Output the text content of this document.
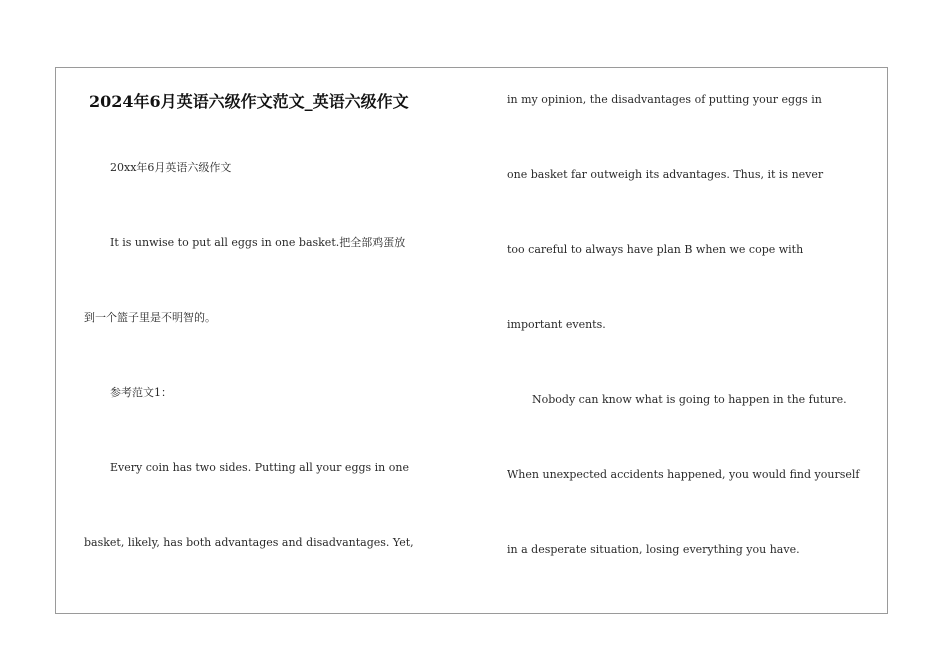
2024年6月英语六级作文范文_英语六级作文
20xx年6月英语六级作文
It is unwise to put all eggs in one basket.把全部鸡蛋放
到一个篮子里是不明智的。
参考范文1：
Every coin has two sides. Putting all your eggs in one
basket, likely, has both advantages and disadvantages. Yet,
in my opinion, the disadvantages of putting your eggs in
one basket far outweigh its advantages. Thus, it is never
too careful to always have plan B when we cope with
important events.
Nobody can know what is going to happen in the future.
When unexpected accidents happened, you would find yourself
in a desperate situation, losing everything you have.
